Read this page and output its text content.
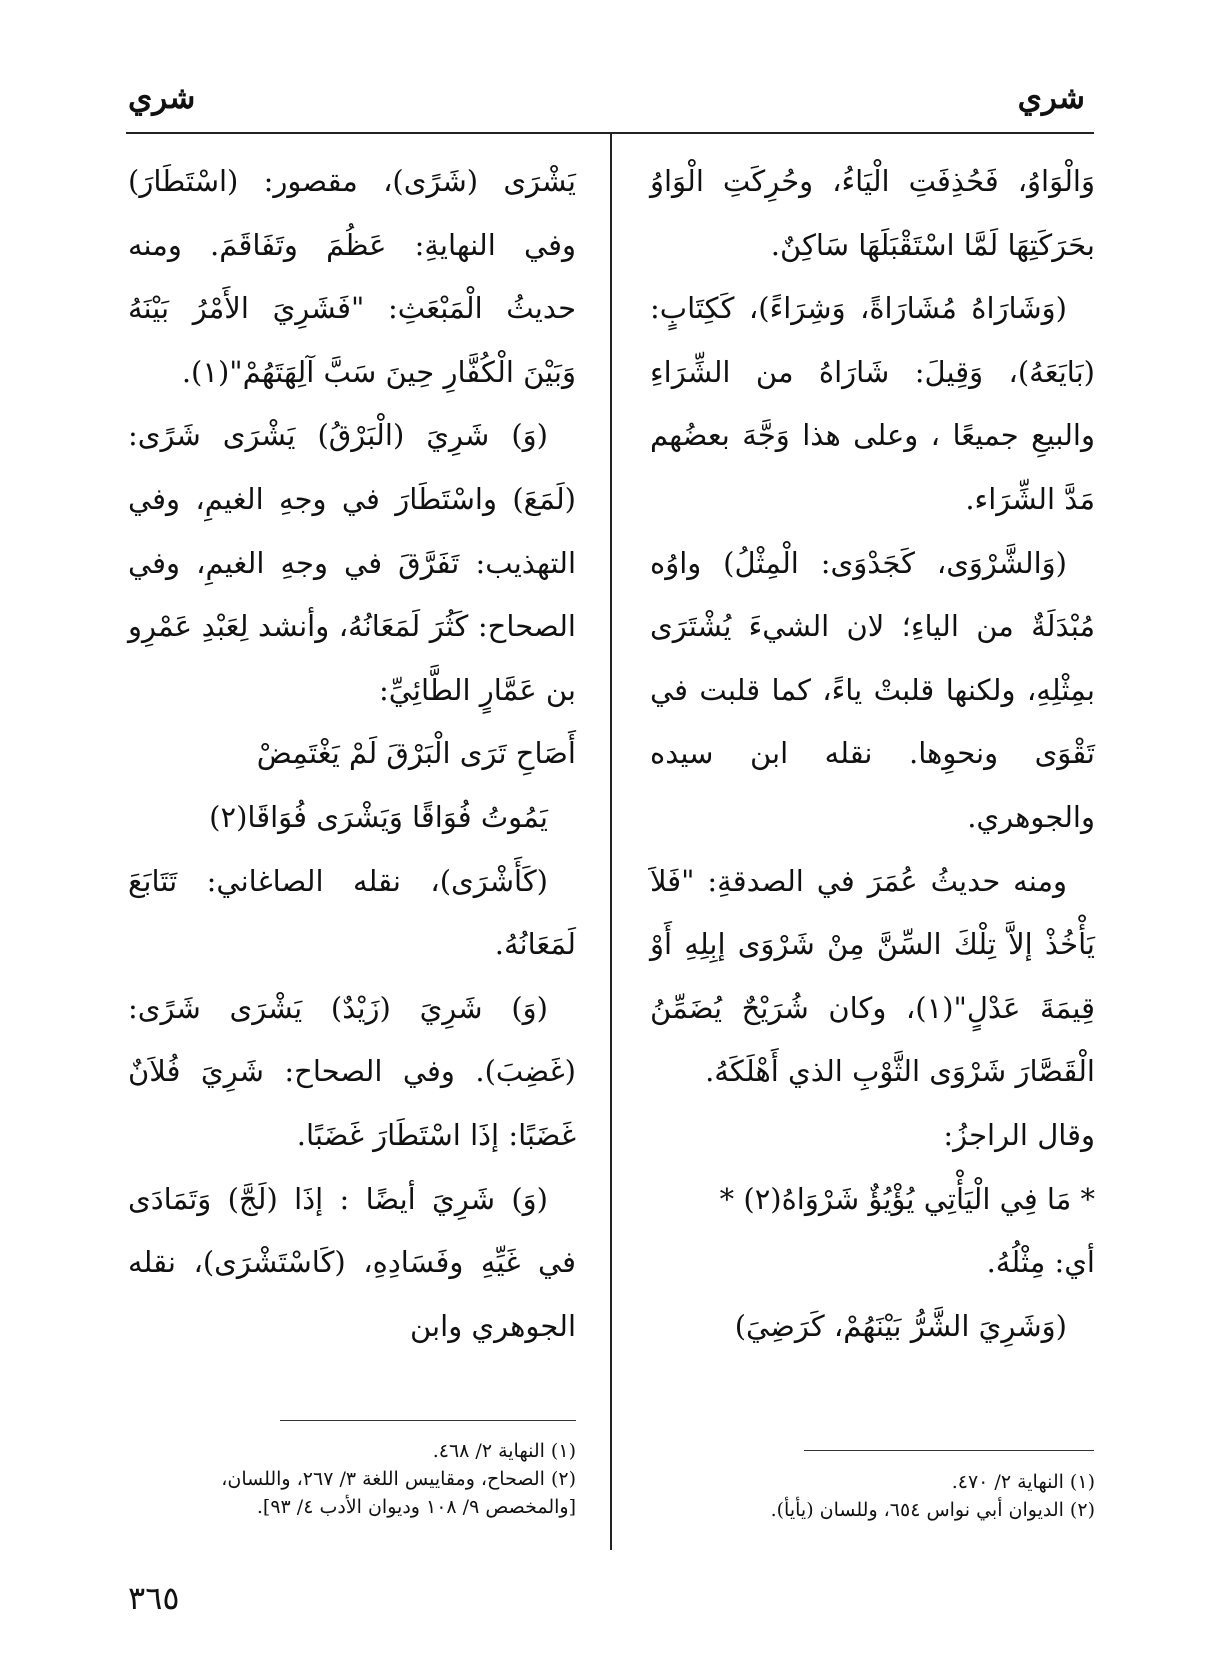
شري	شري

وَالْوَاوُ، فَحُذِفَتِ الْيَاءُ، وحُرِكَتِ الْوَاوُ بحَرَكَتِهَا لَمَّا اسْتَقْبَلَهَا سَاكِنٌ.

(وَشَارَاهُ مُشَارَاةً، وَشِرَاءً)، كَكِتَابٍ: (بَايَعَهُ)، وَقِيلَ: شَارَاهُ من الشِّرَاءِ والبيعِ جميعًا ، وعلى هذا وَجَّهَ بعضُهم مَدَّ الشِّرَاء.

(وَالشَّرْوَى، كَجَدْوَى: الْمِثْلُ) واوُه مُبْدَلَةٌ من الياءِ؛ لان الشيءَ يُشْتَرَى بمِثْلِهِ، ولكنها قلبتْ ياءً، كما قلبت في تَقْوَى ونحوِها. نقله ابن سيده والجوهري.

ومنه حديثُ عُمَرَ في الصدقةِ: "فَلاَ يَأْخُذْ إلاَّ تِلْكَ السِّنَّ مِنْ شَرْوَى إبِلِهِ أَوْ قِيمَةَ عَدْلٍ"(١)، وكان شُرَيْحٌ يُضَمِّنُ الْقَصَّارَ شَرْوَى الثَّوْبِ الذي أَهْلَكَهُ.

وقال الراجزُ:

* مَا فِي الْيَأْتِي يُؤْيُؤٌ شَرْوَاهُ(٢) *

أي: مِثْلُهُ.

(وَشَرِيَ الشَّرُّ بَيْنَهُمْ، كَرَضِيَ)

يَشْرَى (شَرًى)، مقصور: (اسْتَطَارَ) وفي النهايةِ: عَظُمَ وتَفَاقَمَ. ومنه حديثُ الْمَبْعَثِ: "فَشَرِيَ الأَمْرُ بَيْنَهُ وَبَيْنَ الْكُفَّارِ حِينَ سَبَّ آلِهَتَهُمْ"(١).

(وَ) شَرِيَ (الْبَرْقُ) يَشْرَى شَرًى: (لَمَعَ) واسْتَطَارَ في وجهِ الغيمِ، وفي التهذيب: تَفَرَّقَ في وجهِ الغيمِ، وفي الصحاح: كَثُرَ لَمَعَانُهُ، وأنشد لِعَبْدِ عَمْرِو بن عَمَّارٍ الطَّائِيِّ:

أَصَاحِ تَرَى الْبَرْقَ لَمْ يَغْتَمِضْ

يَمُوتُ فُوَاقًا وَيَشْرَى فُوَاقَا(٢)

(كَأَشْرَى)، نقله الصاغاني: تَتَابَعَ لَمَعَانُهُ.

(وَ) شَرِيَ (زَيْدٌ) يَشْرَى شَرًى: (غَضِبَ). وفي الصحاح: شَرِيَ فُلاَنٌ غَضَبًا: إذَا اسْتَطَارَ غَضَبًا.

(وَ) شَرِيَ أيضًا : إذَا (لَجَّ) وَتَمَادَى في غَيِّهِ وفَسَادِهِ، (كَاسْتَشْرَى)، نقله الجوهري وابن

(١) النهاية ٢/ ٤٧٠.
(٢) الديوان أبي نواس ٦٥٤، وللسان (يأيأ).
(١) النهاية ٢/ ٤٦٨.
(٢) الصحاح، ومقاييس اللغة ٣/ ٢٦٧، واللسان، [والمخصص ٩/ ١٠٨ وديوان الأدب ٤/ ٩٣].
٣٦٥
